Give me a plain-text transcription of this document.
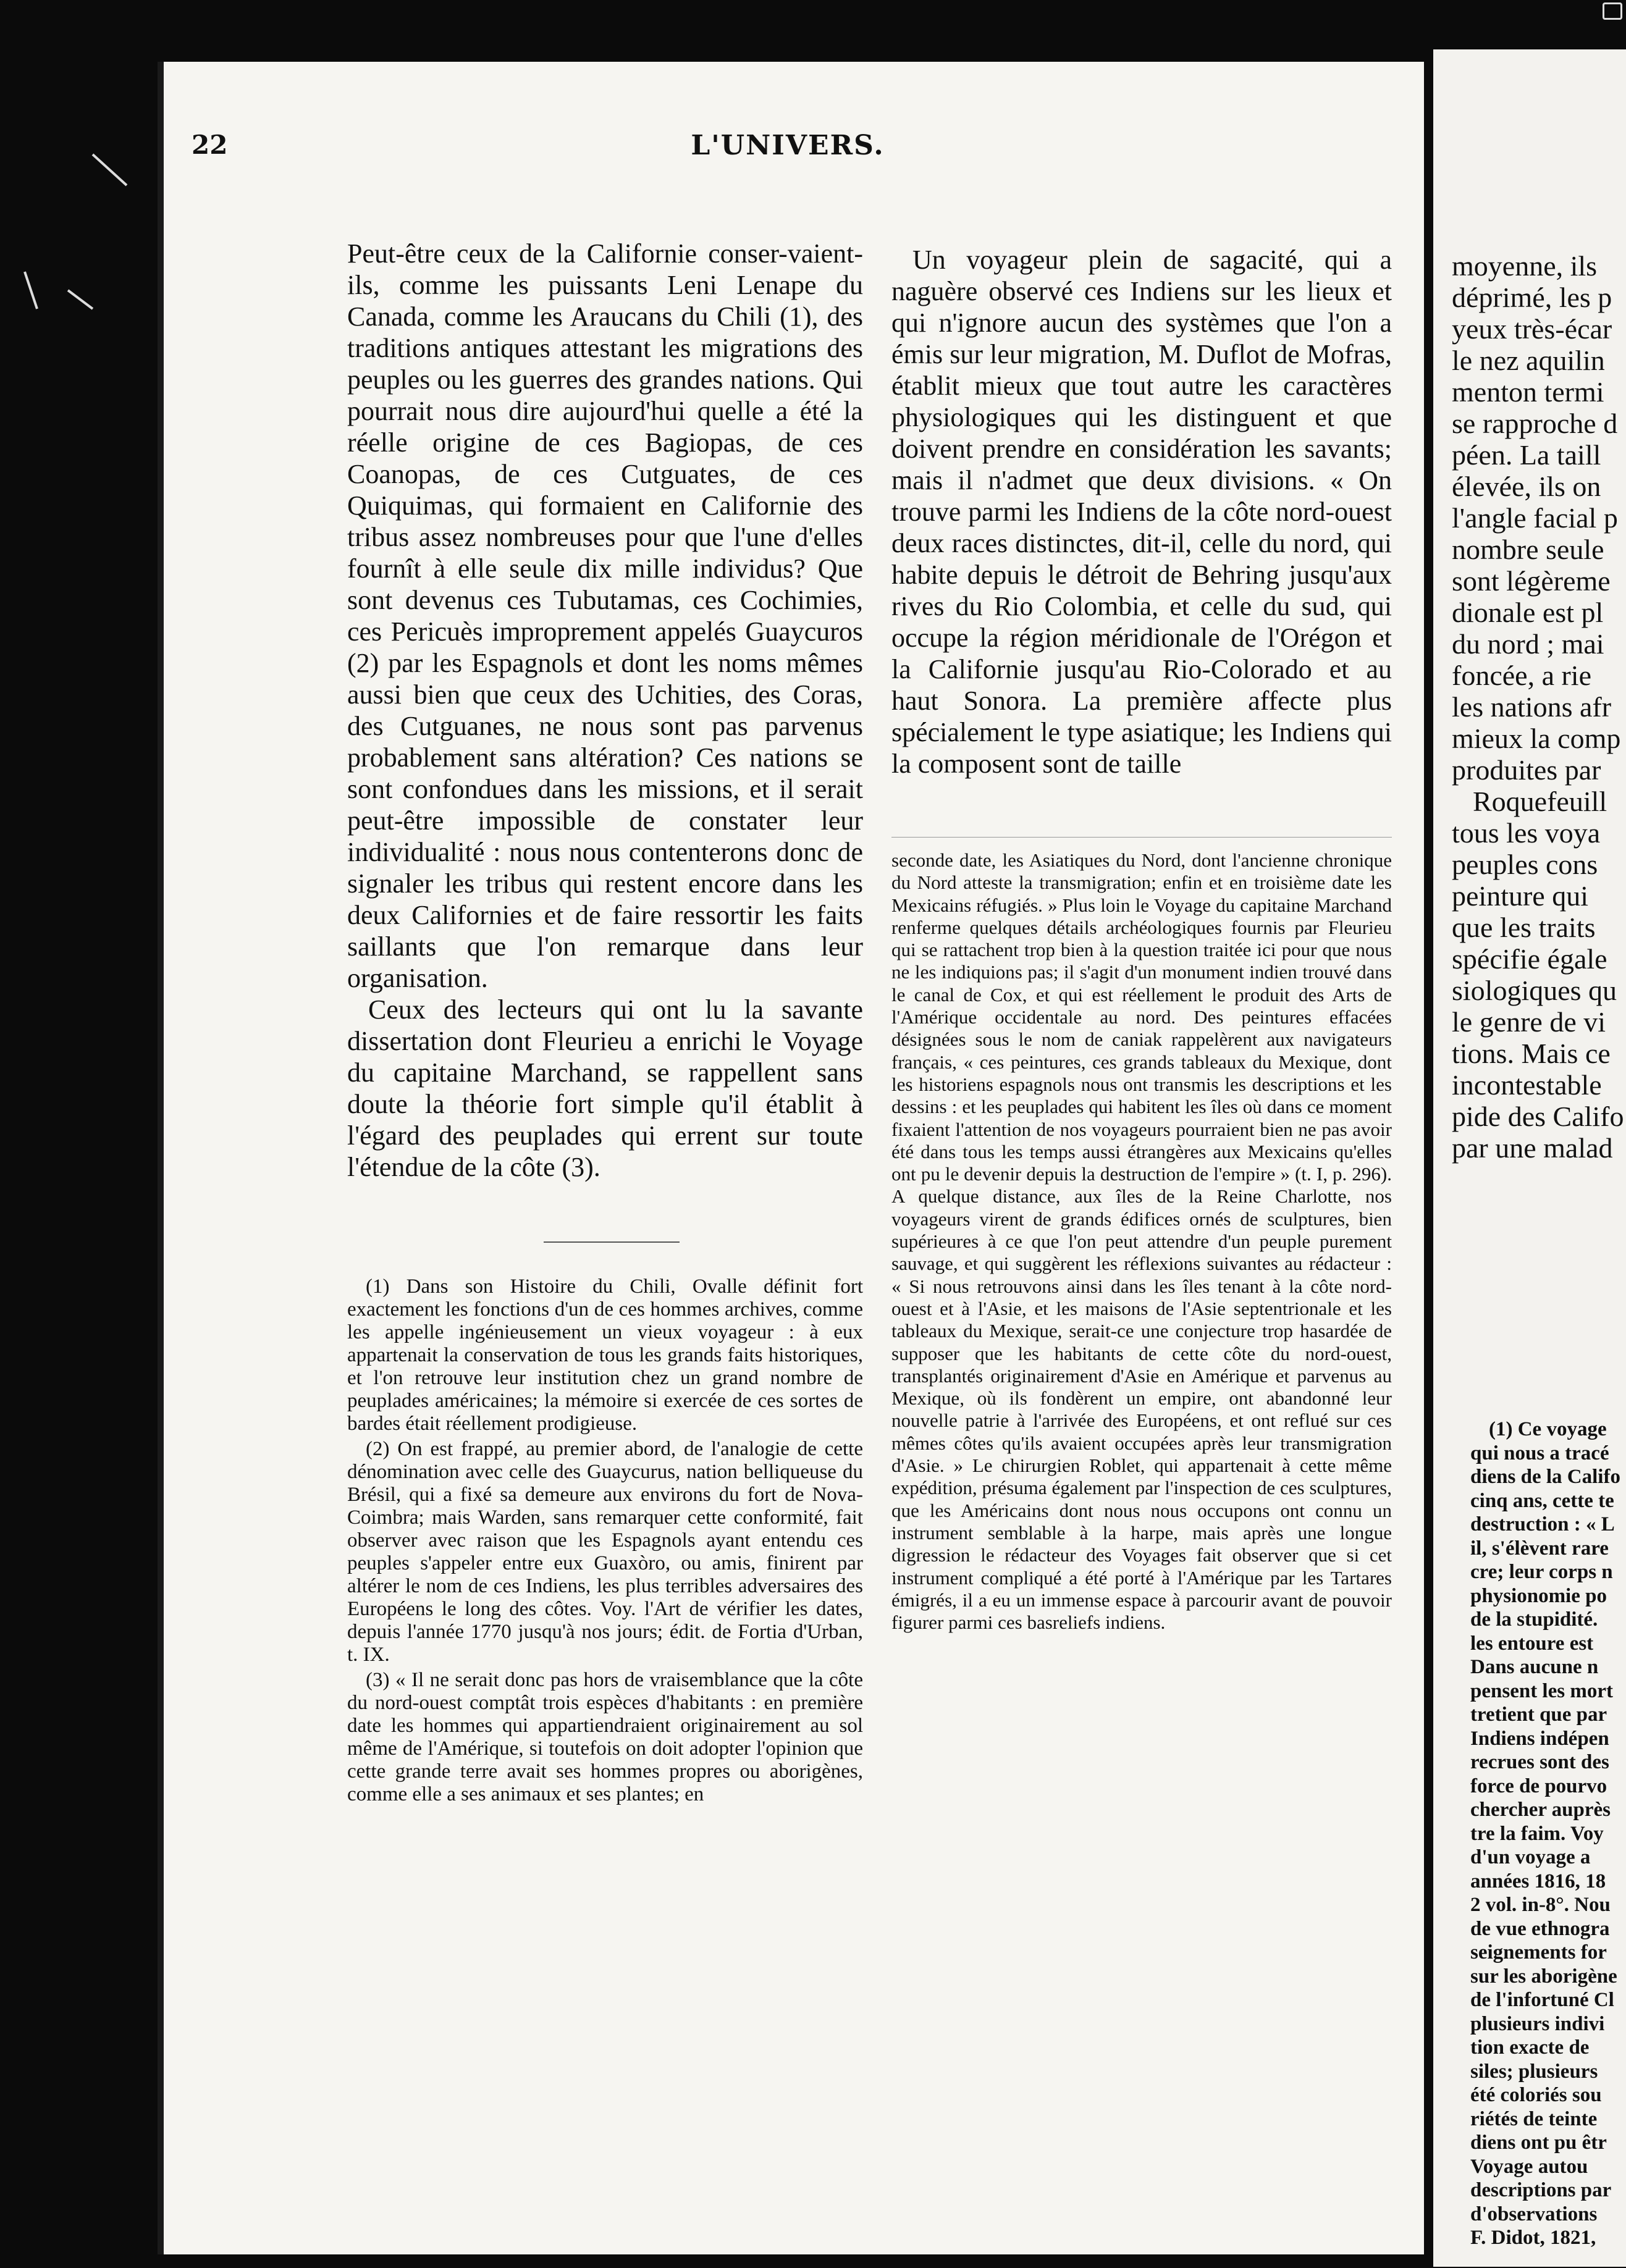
22	L'UNIVERS.

Peut-être ceux de la Californie conser-vaient-ils, comme les puissants Leni Lenape du Canada, comme les Araucans du Chili (1), des traditions antiques attestant les migrations des peuples ou les guerres des grandes nations. Qui pourrait nous dire aujourd'hui quelle a été la réelle origine de ces Bagiopas, de ces Coanopas, de ces Cutguates, de ces Quiquimas, qui formaient en Californie des tribus assez nombreuses pour que l'une d'elles fournît à elle seule dix mille individus? Que sont devenus ces Tubutamas, ces Cochimies, ces Pericuès improprement appelés Guaycuros (2) par les Espagnols et dont les noms mêmes aussi bien que ceux des Uchities, des Coras, des Cutguanes, ne nous sont pas parvenus probablement sans altération? Ces nations se sont confondues dans les missions, et il serait peut-être impossible de constater leur individualité : nous nous contenterons donc de signaler les tribus qui restent encore dans les deux Californies et de faire ressortir les faits saillants que l'on remarque dans leur organisation.

Ceux des lecteurs qui ont lu la savante dissertation dont Fleurieu a enrichi le Voyage du capitaine Marchand, se rappellent sans doute la théorie fort simple qu'il établit à l'égard des peuplades qui errent sur toute l'étendue de la côte (3).

(1) Dans son Histoire du Chili, Ovalle définit fort exactement les fonctions d'un de ces hommes archives, comme les appelle ingénieusement un vieux voyageur : à eux appartenait la conservation de tous les grands faits historiques, et l'on retrouve leur institution chez un grand nombre de peuplades américaines; la mémoire si exercée de ces sortes de bardes était réellement prodigieuse.

(2) On est frappé, au premier abord, de l'analogie de cette dénomination avec celle des Guaycurus, nation belliqueuse du Brésil, qui a fixé sa demeure aux environs du fort de Nova-Coimbra; mais Warden, sans remarquer cette conformité, fait observer avec raison que les Espagnols ayant entendu ces peuples s'appeler entre eux Guaxòro, ou amis, finirent par altérer le nom de ces Indiens, les plus terribles adversaires des Européens le long des côtes. Voy. l'Art de vérifier les dates, depuis l'année 1770 jusqu'à nos jours; édit. de Fortia d'Urban, t. IX.

(3) « Il ne serait donc pas hors de vraisemblance que la côte du nord-ouest comptât trois espèces d'habitants : en première date les hommes qui appartiendraient originairement au sol même de l'Amérique, si toutefois on doit adopter l'opinion que cette grande terre avait ses hommes propres ou aborigènes, comme elle a ses animaux et ses plantes; en

Un voyageur plein de sagacité, qui a naguère observé ces Indiens sur les lieux et qui n'ignore aucun des systèmes que l'on a émis sur leur migration, M. Duflot de Mofras, établit mieux que tout autre les caractères physiologiques qui les distinguent et que doivent prendre en considération les savants; mais il n'admet que deux divisions. « On trouve parmi les Indiens de la côte nord-ouest deux races distinctes, dit-il, celle du nord, qui habite depuis le détroit de Behring jusqu'aux rives du Rio Colombia, et celle du sud, qui occupe la région méridionale de l'Orégon et la Californie jusqu'au Rio-Colorado et au haut Sonora. La première affecte plus spécialement le type asiatique; les Indiens qui la composent sont de taille

seconde date, les Asiatiques du Nord, dont l'ancienne chronique du Nord atteste la transmigration; enfin et en troisième date les Mexicains réfugiés. » Plus loin le Voyage du capitaine Marchand renferme quelques détails archéologiques fournis par Fleurieu qui se rattachent trop bien à la question traitée ici pour que nous ne les indiquions pas; il s'agit d'un monument indien trouvé dans le canal de Cox, et qui est réellement le produit des Arts de l'Amérique occidentale au nord. Des peintures effacées désignées sous le nom de caniak rappelèrent aux navigateurs français, « ces peintures, ces grands tableaux du Mexique, dont les historiens espagnols nous ont transmis les descriptions et les dessins : et les peuplades qui habitent les îles où dans ce moment fixaient l'attention de nos voyageurs pourraient bien ne pas avoir été dans tous les temps aussi étrangères aux Mexicains qu'elles ont pu le devenir depuis la destruction de l'empire » (t. I, p. 296). A quelque distance, aux îles de la Reine Charlotte, nos voyageurs virent de grands édifices ornés de sculptures, bien supérieures à ce que l'on peut attendre d'un peuple purement sauvage, et qui suggèrent les réflexions suivantes au rédacteur : « Si nous retrouvons ainsi dans les îles tenant à la côte nord-ouest et à l'Asie, et les maisons de l'Asie septentrionale et les tableaux du Mexique, serait-ce une conjecture trop hasardée de supposer que les habitants de cette côte du nord-ouest, transplantés originairement d'Asie en Amérique et parvenus au Mexique, où ils fondèrent un empire, ont abandonné leur nouvelle patrie à l'arrivée des Européens, et ont reflué sur ces mêmes côtes qu'ils avaient occupées après leur transmigration d'Asie. » Le chirurgien Roblet, qui appartenait à cette même expédition, présuma également par l'inspection de ces sculptures, que les Américains dont nous nous occupons ont connu un instrument semblable à la harpe, mais après une longue digression le rédacteur des Voyages fait observer que si cet instrument compliqué a été porté à l'Amérique par les Tartares émigrés, il a eu un immense espace à parcourir avant de pouvoir figurer parmi ces basreliefs indiens.

moyenne, ils
déprimé, les p
yeux très-écar
le nez aquilin
menton termi
se rapproche d
péen. La taill
élevée, ils on
l'angle facial p
nombre seule
sont légèreme
dionale est pl
du nord ; mai
foncée, a rie
les nations afr
mieux la comp
produites par
Roquefeuill
tous les voya
peuples cons
peinture qui
que les traits
spécifie égale
siologiques qu
le genre de vi
tions. Mais ce
incontestable
pide des Califo
par une malad
(1) Ce voyage
qui nous a tracé
diens de la Califo
cinq ans, cette te
destruction : « L
il, s'élèvent rare
cre; leur corps n
physionomie po
de la stupidité.
les entoure est
Dans aucune n
pensent les mort
tretient que par
Indiens indépen
recrues sont des
force de pourvo
chercher auprès
tre la faim. Voy
d'un voyage a
années 1816, 18
2 vol. in-8°. Nou
de vue ethnogra
seignements for
sur les aborigène
de l'infortuné Cl
plusieurs indivi
tion exacte de
siles; plusieurs
été coloriés sou
riétés de teinte
diens ont pu êtr
Voyage autou
descriptions par
d'observations
F. Didot, 1821,
